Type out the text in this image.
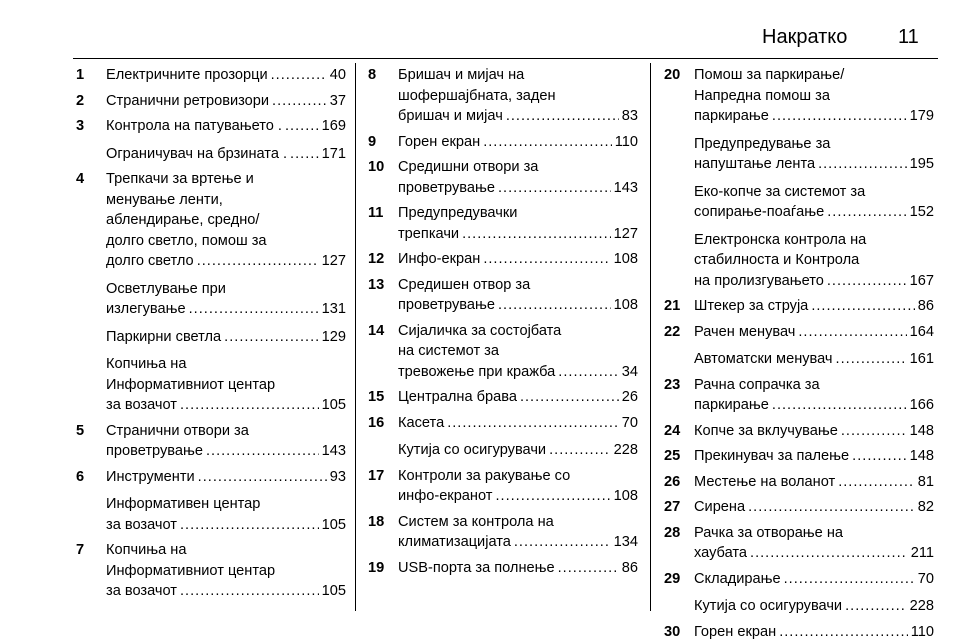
Накратко	11
1 Електричните прозорци .....	40
2 Странични ретровизори .....	37
3 Контрола на патувањето . .....	169
Ограничувач на брзината . ..... 171
4 Трепкачи за вртење и
менување ленти,
аблендирање, средно/
долго светло, помош за
долго светло .....	127
Осветлување при
излегување .....	131
Паркирни светла .....	129
Копчиња на
Информативниот центар
за возачот .....	105
5 Странични отвори за
проветрување .....	143
6 Инструменти .....	93
Информативен центар
за возачот .....	105
7 Копчиња на
Информативниот центар
за возачот .....	105
8 Бришач и мијач на
шофершајбната, заден
бришач и мијач .....	83
9 Горен екран .....	110
10 Средишни отвори за
проветрување .....	143
11 Предупредувачки
трепкачи .....	127
12 Инфо-екран .....	108
13 Средишен отвор за
проветрување .....	108
14 Сијаличка за состојбата
на системот за
тревожење при кражба .....	34
15 Централна брава .....	26
16 Касета .....	70
Кутија со осигурувачи .....	228
17 Контроли за ракување со
инфо-екранот .....	108
18 Систем за контрола на
климатизацијата .....	134
19 USB-порта за полнење .....	86
20 Помош за паркирање/
Напредна помош за
паркирање .....	179
Предупредување за
напуштање лента .....	195
Еко-копче за системот за
сопирање-поаѓање .....	152
Електронска контрола на
стабилноста и Контрола
на пролизгувањето .....	167
21 Штекер за струја .....	86
22 Рачен менувач .....	164
Автоматски менувач .....	161
23 Рачна сопрачка за
паркирање .....	166
24 Копче за вклучување .....	148
25 Прекинувач за палење .....	148
26 Местење на воланот .....	81
27 Сирена .....	82
28 Рачка за отворање на
хаубата .....	211
29 Складирање .....	70
Кутија со осигурувачи .....	228
30 Горен екран .....	110
